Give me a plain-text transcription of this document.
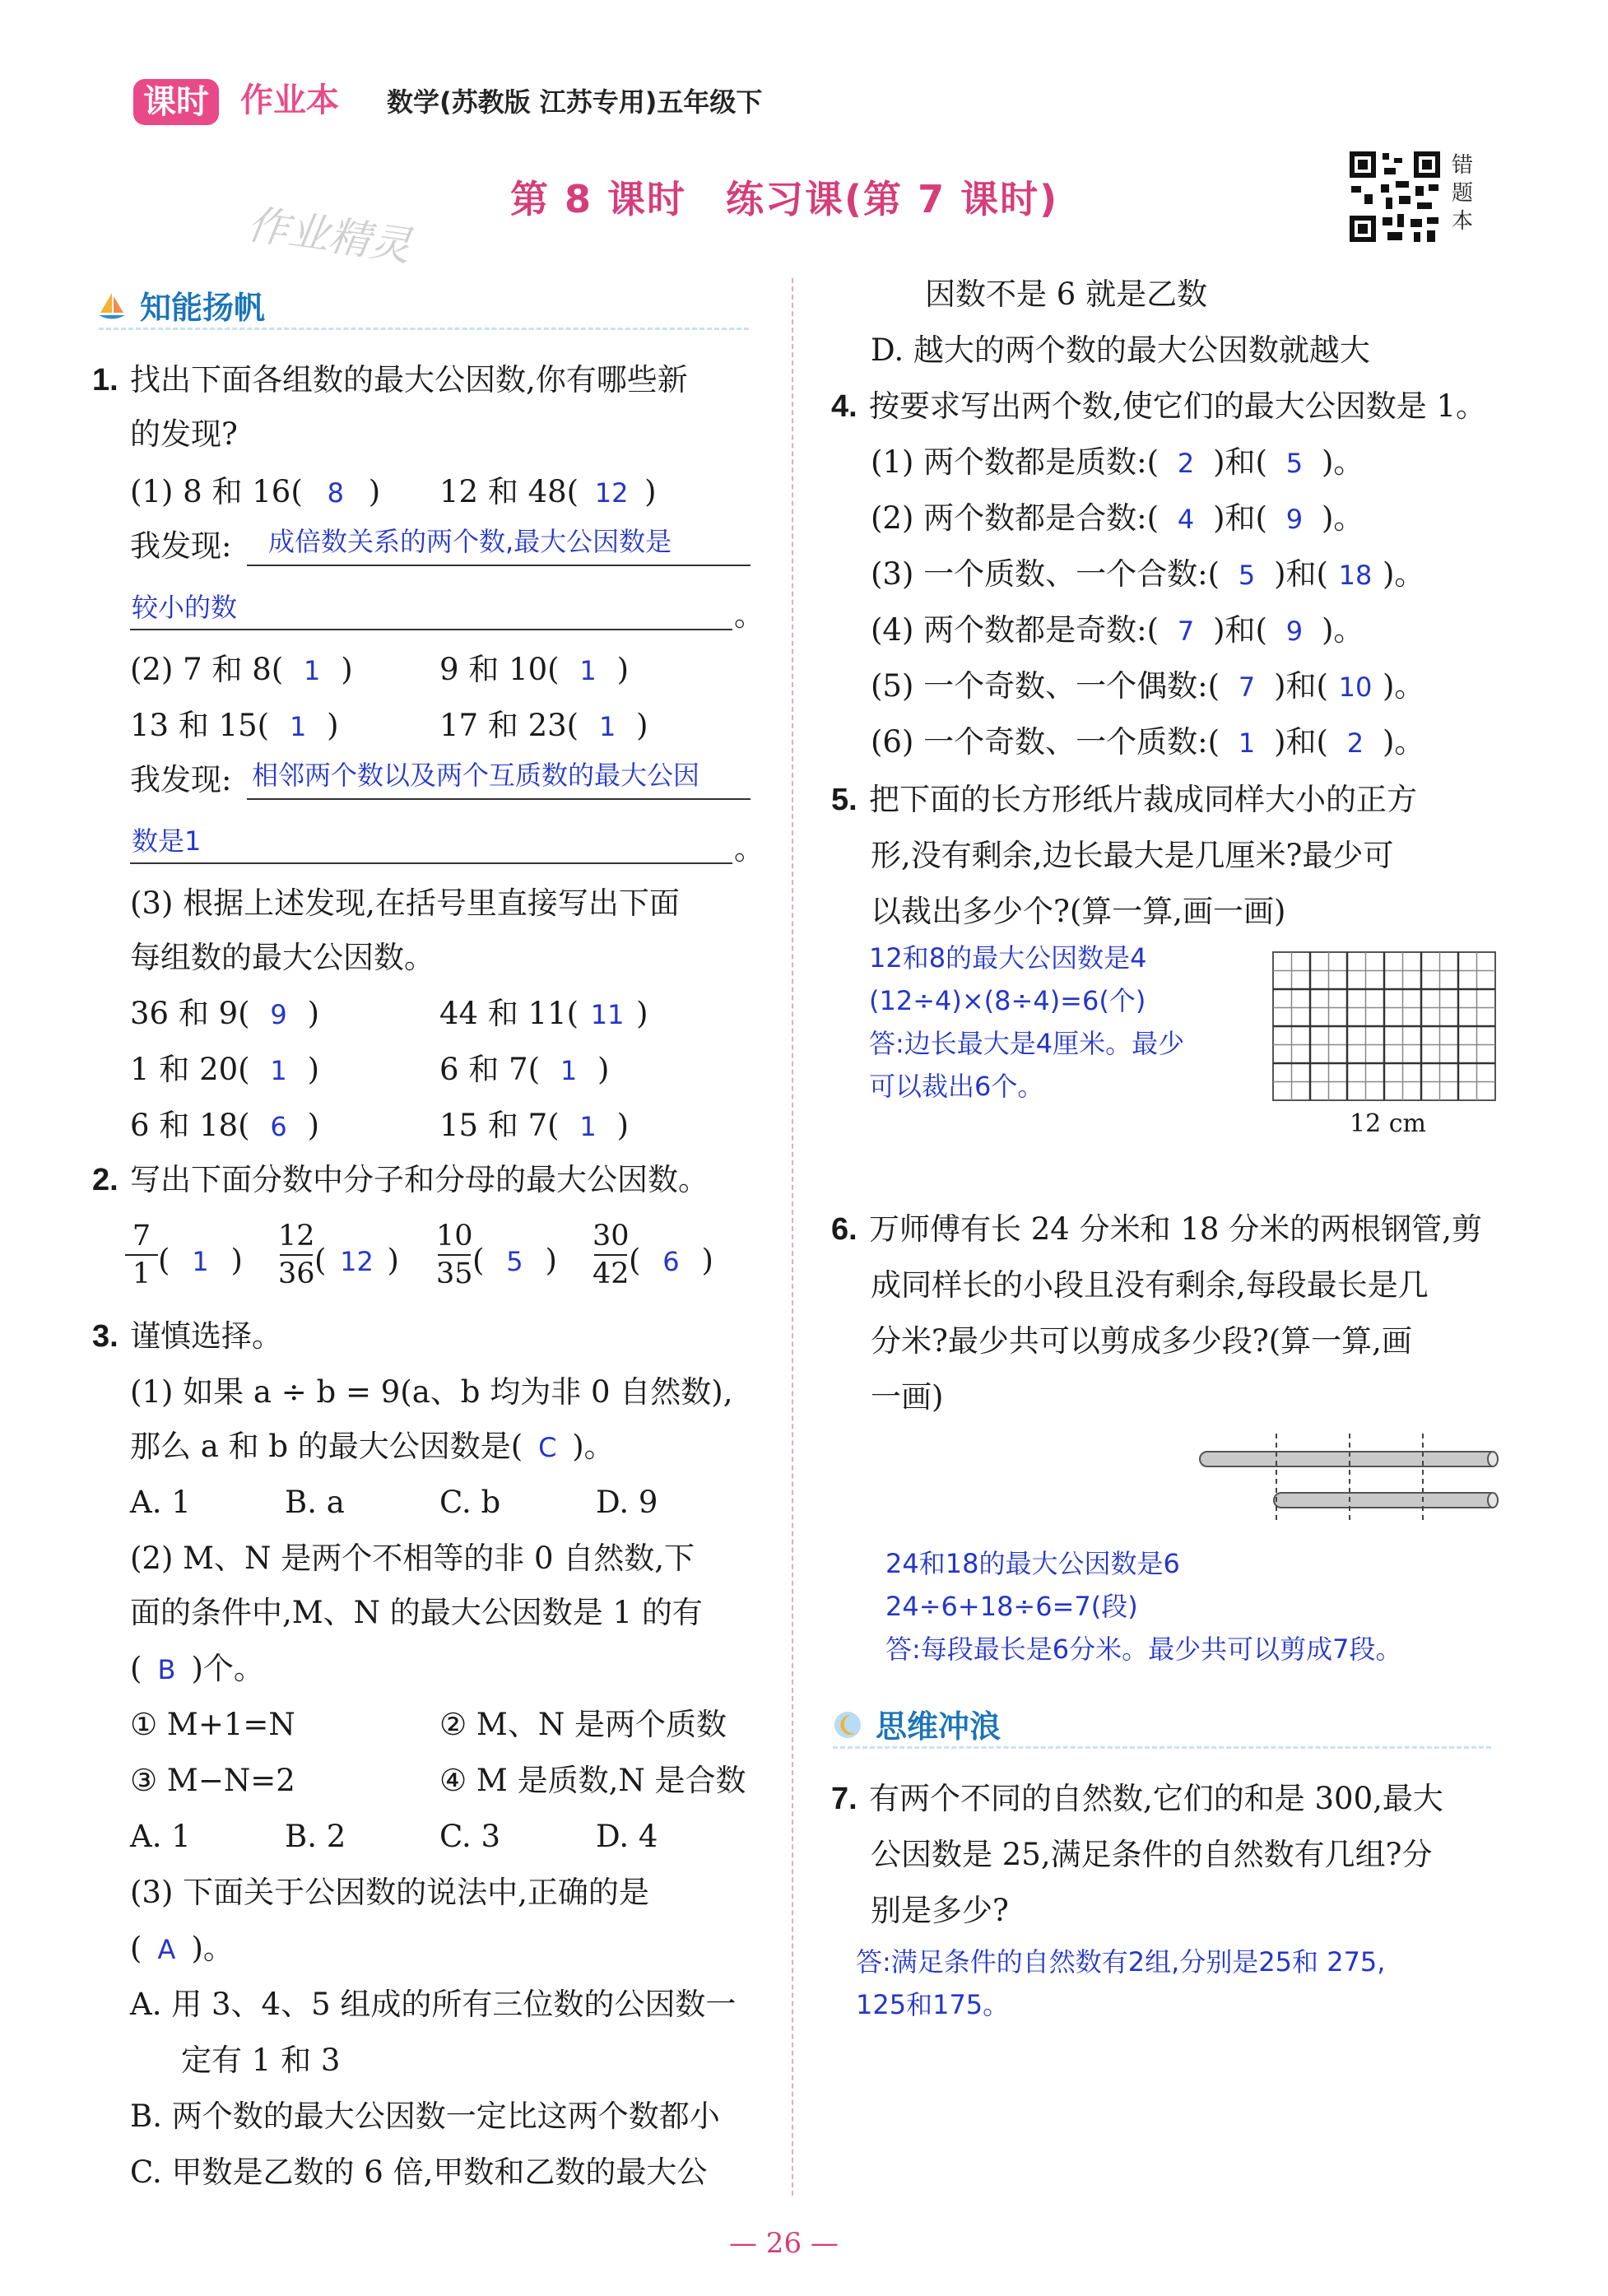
课时 作业本 数学(苏教版 江苏专用)五年级下
第 8 课时　练习课(第 7 课时)
作业精灵
错题本
知能扬帆
1. 找出下面各组数的最大公因数,你有哪些新
的发现?
(1) 8 和 16( 8 ) 12 和 48( 12 )
我发现: 成倍数关系的两个数,最大公因数是
较小的数	。
(2) 7 和 8( 1 )	9 和 10( 1 )
13 和 15( 1 )	17 和 23( 1 )
我发现: 相邻两个数以及两个互质数的最大公因
数是1	。
(3) 根据上述发现,在括号里直接写出下面
每组数的最大公因数。
36 和 9( 9 )	44 和 11( 11 )
1 和 20( 1 )	6 和 7( 1 )
6 和 18( 6 )	15 和 7( 1 )
2. 写出下面分数中分子和分母的最大公因数。
7
1 ( 1 )
12
36 ( 12 )
10
35 ( 5 )
30
42 ( 6 )
3. 谨慎选择。
(1) 如果 a ÷ b = 9(a、b 均为非 0 自然数),
那么 a 和 b 的最大公因数是( C )。
A. 1	B. a	C. b	D. 9
(2) M、N 是两个不相等的非 0 自然数,下
面的条件中,M、N 的最大公因数是 1 的有
( B )个。
① M+1=N	② M、N 是两个质数
③ M−N=2	④ M 是质数,N 是合数
A. 1	B. 2	C. 3	D. 4
(3) 下面关于公因数的说法中,正确的是
( A )。
A. 用 3、4、5 组成的所有三位数的公因数一
定有 1 和 3
B. 两个数的最大公因数一定比这两个数都小
C. 甲数是乙数的 6 倍,甲数和乙数的最大公
因数不是 6 就是乙数
D. 越大的两个数的最大公因数就越大
4. 按要求写出两个数,使它们的最大公因数是 1。
(1) 两个数都是质数:( 2 )和( 5 )。
(2) 两个数都是合数:( 4 )和( 9 )。
(3) 一个质数、一个合数:( 5 )和( 18 )。
(4) 两个数都是奇数:( 7 )和( 9 )。
(5) 一个奇数、一个偶数:( 7 )和( 10 )。
(6) 一个奇数、一个质数:( 1 )和( 2 )。
5. 把下面的长方形纸片裁成同样大小的正方
形,没有剩余,边长最大是几厘米?最少可
以裁出多少个?(算一算,画一画)
12和8的最大公因数是4
(12÷4)×(8÷4)=6(个)
答:边长最大是4厘米。最少
可以裁出6个。
12 cm
6. 万师傅有长 24 分米和 18 分米的两根钢管,剪
成同样长的小段且没有剩余,每段最长是几
分米?最少共可以剪成多少段?(算一算,画
一画)
24和18的最大公因数是6
24÷6+18÷6=7(段)
答:每段最长是6分米。最少共可以剪成7段。
思维冲浪
7. 有两个不同的自然数,它们的和是 300,最大
公因数是 25,满足条件的自然数有几组?分
别是多少?
答:满足条件的自然数有2组,分别是25和 275,
125和175。
— 26 —
